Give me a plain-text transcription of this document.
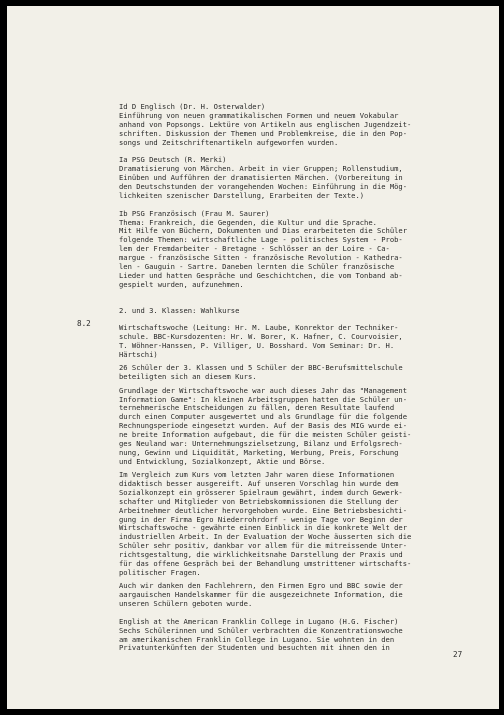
8.2
Id D Englisch (Dr. H. Osterwalder)
Einführung von neuen grammatikalischen Formen und neuem Vokabular
anhand von Popsongs. Lektüre von Artikeln aus englischen Jugendzeit-
schriften. Diskussion der Themen und Problemkreise, die in den Pop-
songs und Zeitschriftenartikeln aufgeworfen wurden.
Ia PSG Deutsch (R. Merki)
Dramatisierung von Märchen. Arbeit in vier Gruppen; Rollenstudium,
Einüben und Aufführen der dramatisierten Märchen. (Vorbereitung in
den Deutschstunden der vorangehenden Wochen: Einführung in die Mög-
lichkeiten szenischer Darstellung, Erarbeiten der Texte.)
Ib PSG Französisch (Frau M. Saurer)
Thema: Frankreich, die Gegenden, die Kultur und die Sprache.
Mit Hilfe von Büchern, Dokumenten und Dias erarbeiteten die Schüler
folgende Themen: wirtschaftliche Lage - politisches System - Prob-
lem der Fremdarbeiter - Bretagne - Schlösser an der Loire - Ca-
margue - französische Sitten - französische Revolution - Kathedra-
len - Gauguin - Sartre. Daneben lernten die Schüler französische
Lieder und hatten Gespräche und Geschichtchen, die vom Tonband ab-
gespielt wurden, aufzunehmen.
2. und 3. Klassen: Wahlkurse
Wirtschaftswoche (Leitung: Hr. M. Laube, Konrektor der Techniker-
schule. BBC-Kursdozenten: Hr. W. Borer, K. Hafner, C. Courvoisier,
T. Wöhner-Hanssen, P. Villiger, U. Bosshard. Vom Seminar: Dr. H.
Härtschi)
26 Schüler der 3. Klassen und 5 Schüler der BBC-Berufsmittelschule
beteiligten sich an diesem Kurs.
Grundlage der Wirtschaftswoche war auch dieses Jahr das "Management
Information Game": In kleinen Arbeitsgruppen hatten die Schüler un-
ternehmerische Entscheidungen zu fällen, deren Resultate laufend
durch einen Computer ausgewertet und als Grundlage für die folgende
Rechnungsperiode eingesetzt wurden. Auf der Basis des MIG wurde ei-
ne breite Information aufgebaut, die für die meisten Schüler geisti-
ges Neuland war: Unternehmungszielsetzung, Bilanz und Erfolgsrech-
nung, Gewinn und Liquidität, Marketing, Werbung, Preis, Forschung
und Entwicklung, Sozialkonzept, Aktie und Börse.
Im Vergleich zum Kurs vom letzten Jahr waren diese Informationen
didaktisch besser ausgereift. Auf unseren Vorschlag hin wurde dem
Sozialkonzept ein grösserer Spielraum gewährt, indem durch Gewerk-
schafter und Mitglieder von Betriebskommissionen die Stellung der
Arbeitnehmer deutlicher hervorgehoben wurde. Eine Betriebsbesichti-
gung in der Firma Egro Niederrohrdorf - wenige Tage vor Beginn der
Wirtschaftswoche - gewährte einen Einblick in die konkrete Welt der
industriellen Arbeit. In der Evaluation der Woche äusserten sich die
Schüler sehr positiv, dankbar vor allem für die mitreissende Unter-
richtsgestaltung, die wirklichkeitsnahe Darstellung der Praxis und
für das offene Gespräch bei der Behandlung umstrittener wirtschafts-
politischer Fragen.
Auch wir danken den Fachlehrern, den Firmen Egro und BBC sowie der
aargauischen Handelskammer für die ausgezeichnete Information, die
unseren Schülern geboten wurde.
English at the American Franklin College in Lugano (H.G. Fischer)
Sechs Schülerinnen und Schüler verbrachten die Konzentrationswoche
am amerikanischen Franklin College in Lugano. Sie wohnten in den
Privatunterkünften der Studenten und besuchten mit ihnen den in
27
